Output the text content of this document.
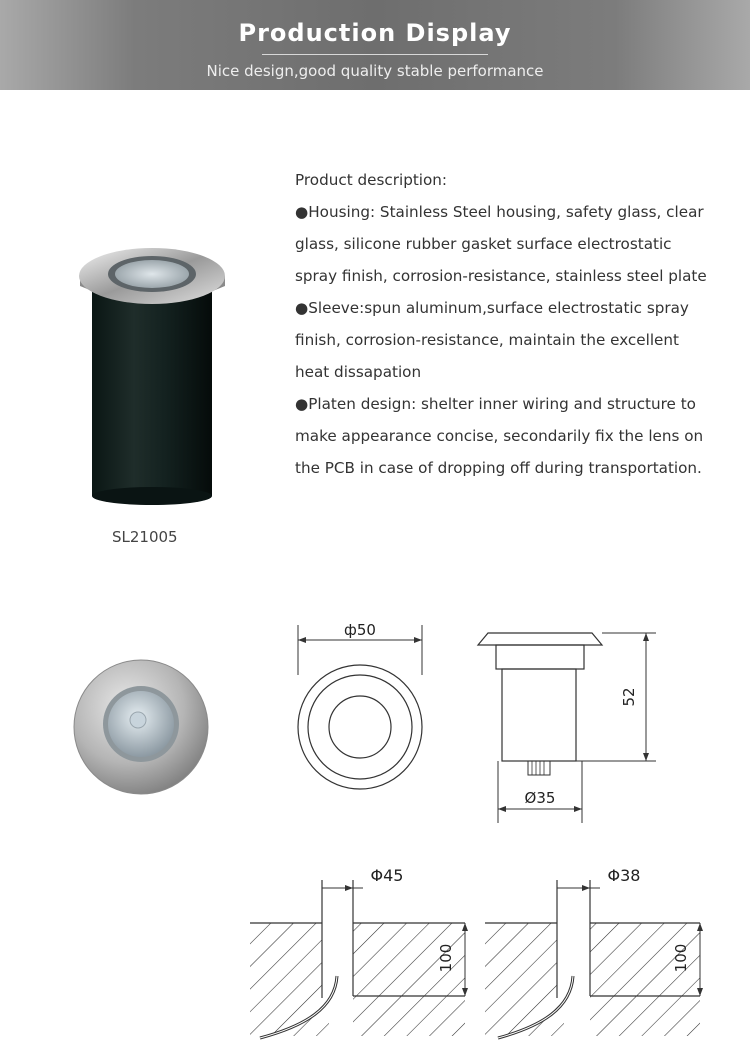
Production Display
Nice design,good quality stable performance
SL21005

Product description:

●Housing: Stainless Steel housing, safety glass, clear glass, silicone rubber gasket surface electrostatic spray finish, corrosion-resistance, stainless steel plate

●Sleeve:spun aluminum,surface electrostatic spray finish, corrosion-resistance, maintain the excellent heat dissapation

●Platen design: shelter inner wiring and structure to make appearance concise, secondarily fix the lens on the PCB in case of dropping off during transportation.

ф50
52
Ø35
Φ45
100
Φ38
100
